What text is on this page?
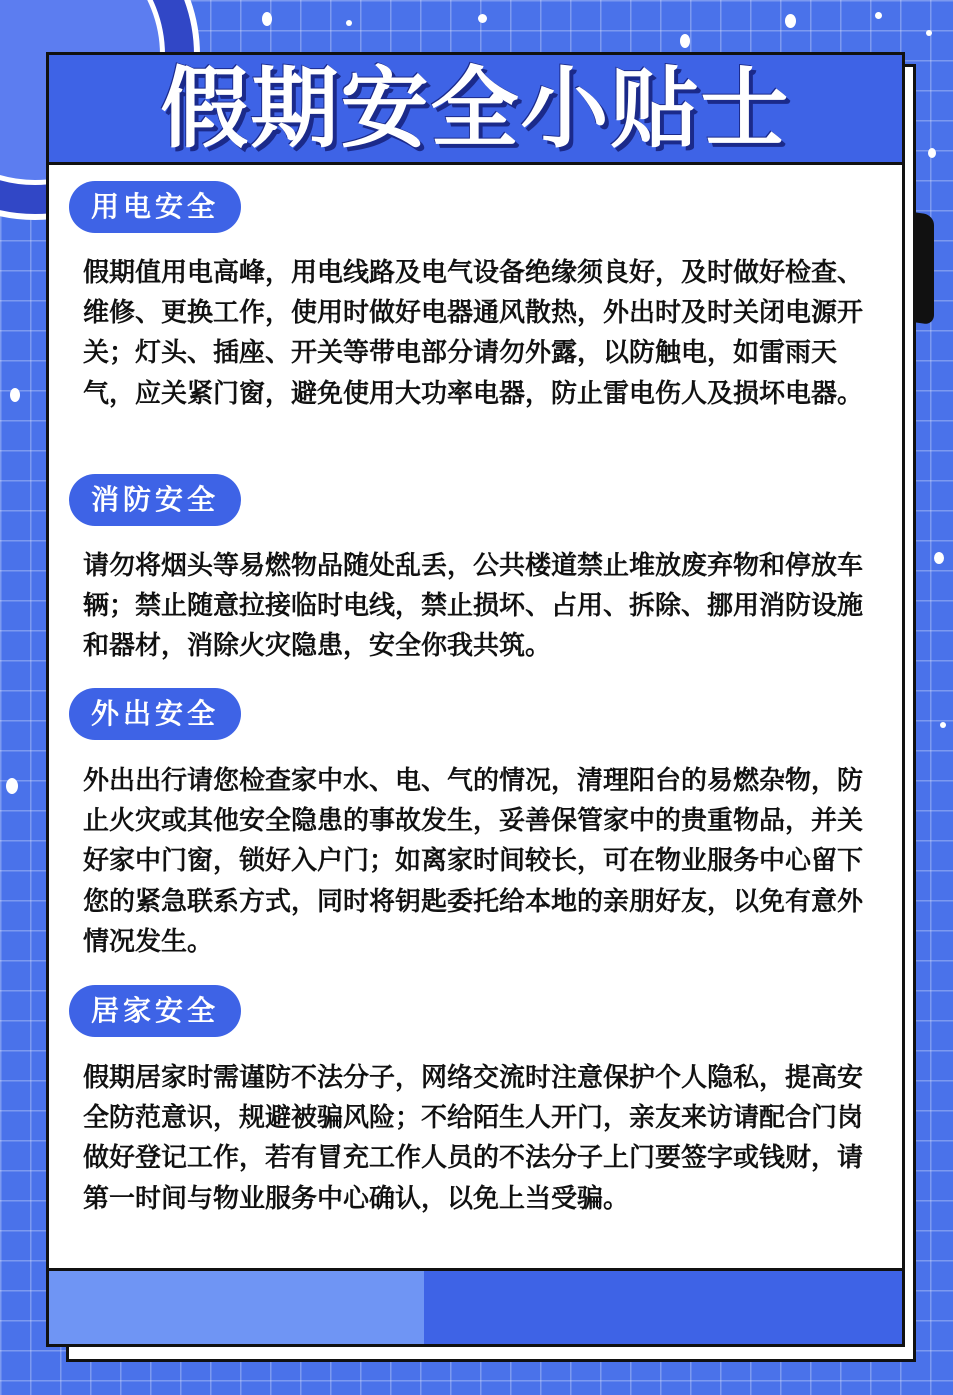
假期安全小贴士
用电安全

假期值用电高峰，用电线路及电气设备绝缘须良好，及时做好检查、维修、更换工作，使用时做好电器通风散热，外出时及时关闭电源开关；灯头、插座、开关等带电部分请勿外露，以防触电，如雷雨天气，应关紧门窗，避免使用大功率电器，防止雷电伤人及损坏电器。

消防安全

请勿将烟头等易燃物品随处乱丢，公共楼道禁止堆放废弃物和停放车辆；禁止随意拉接临时电线，禁止损坏、占用、拆除、挪用消防设施和器材，消除火灾隐患，安全你我共筑。

外出安全

外出出行请您检查家中水、电、气的情况，清理阳台的易燃杂物，防止火灾或其他安全隐患的事故发生，妥善保管家中的贵重物品，并关好家中门窗，锁好入户门；如离家时间较长，可在物业服务中心留下您的紧急联系方式，同时将钥匙委托给本地的亲朋好友，以免有意外情况发生。

居家安全

假期居家时需谨防不法分子，网络交流时注意保护个人隐私，提高安全防范意识，规避被骗风险；不给陌生人开门，亲友来访请配合门岗做好登记工作，若有冒充工作人员的不法分子上门要签字或钱财，请第一时间与物业服务中心确认，以免上当受骗。
